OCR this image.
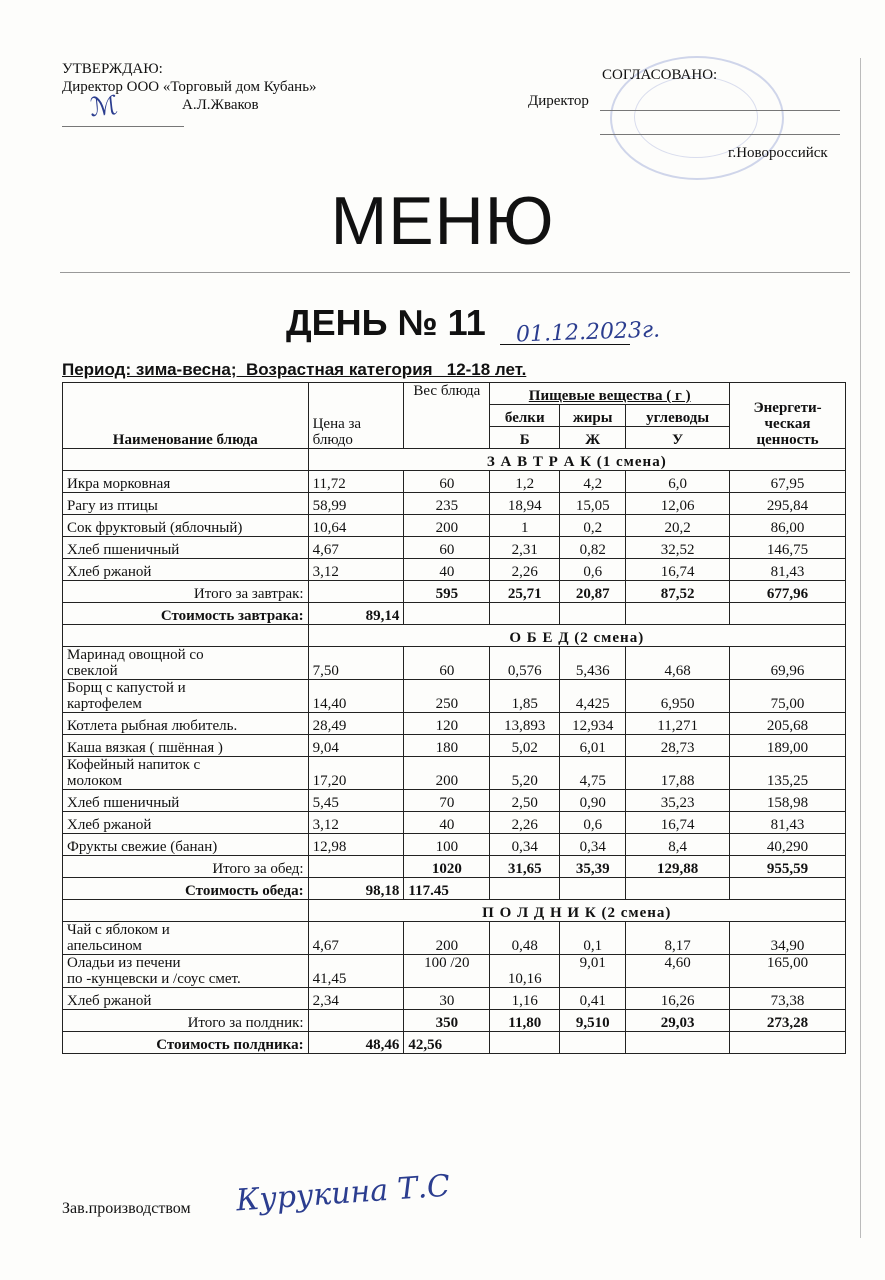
УТВЕРЖДАЮ:
Директор ООО «Торговый дом Кубань»
А.Л.Жваков
ℳ
СОГЛАСОВАНО:
Директор
г.Новороссийск
МЕНЮ
ДЕНЬ № 11 01.12.2023г.
Период: зима-весна;  Возрастная категория   12-18 лет.
Наименование блюда	Цена за блюдо	Вес блюда	Пищевые вещества ( г )			Энергети-ческая ценность
			белки	жиры	углеводы	
			Б	Ж	У	
	З А В Т Р А К (1 смена)					
Икра морковная	11,72	60	1,2	4,2	6,0	67,95
Рагу из птицы	58,99	235	18,94	15,05	12,06	295,84
Сок фруктовый (яблочный)	10,64	200	1	0,2	20,2	86,00
Хлеб пшеничный	4,67	60	2,31	0,82	32,52	146,75
Хлеб ржаной	3,12	40	2,26	0,6	16,74	81,43
Итого за завтрак:		595	25,71	20,87	87,52	677,96
Стоимость завтрака:	89,14					
	О Б Е Д (2 смена)					
Маринад овощной со
свеклой	7,50	60	0,576	5,436	4,68	69,96
Борщ с капустой и
картофелем	14,40	250	1,85	4,425	6,950	75,00
Котлета рыбная любитель.	28,49	120	13,893	12,934	11,271	205,68
Каша вязкая ( пшённая )	9,04	180	5,02	6,01	28,73	189,00
Кофейный напиток с
молоком	17,20	200	5,20	4,75	17,88	135,25
Хлеб пшеничный	5,45	70	2,50	0,90	35,23	158,98
Хлеб ржаной	3,12	40	2,26	0,6	16,74	81,43
Фрукты свежие (банан)	12,98	100	0,34	0,34	8,4	40,290
Итого за обед:		1020	31,65	35,39	129,88	955,59
Стоимость обеда:	98,18	117.45				
	П О Л Д Н И К (2 смена)					
Чай с яблоком и
апельсином	4,67	200	0,48	0,1	8,17	34,90
Оладьи из печени
по -кунцевски и /соус смет.	41,45	100 /20	10,16	9,01	4,60	165,00
Хлеб ржаной	2,34	30	1,16	0,41	16,26	73,38
Итого за полдник:		350	11,80	9,510	29,03	273,28
Стоимость полдника:	48,46	42,56				
Зав.производством Курукина Т.С
